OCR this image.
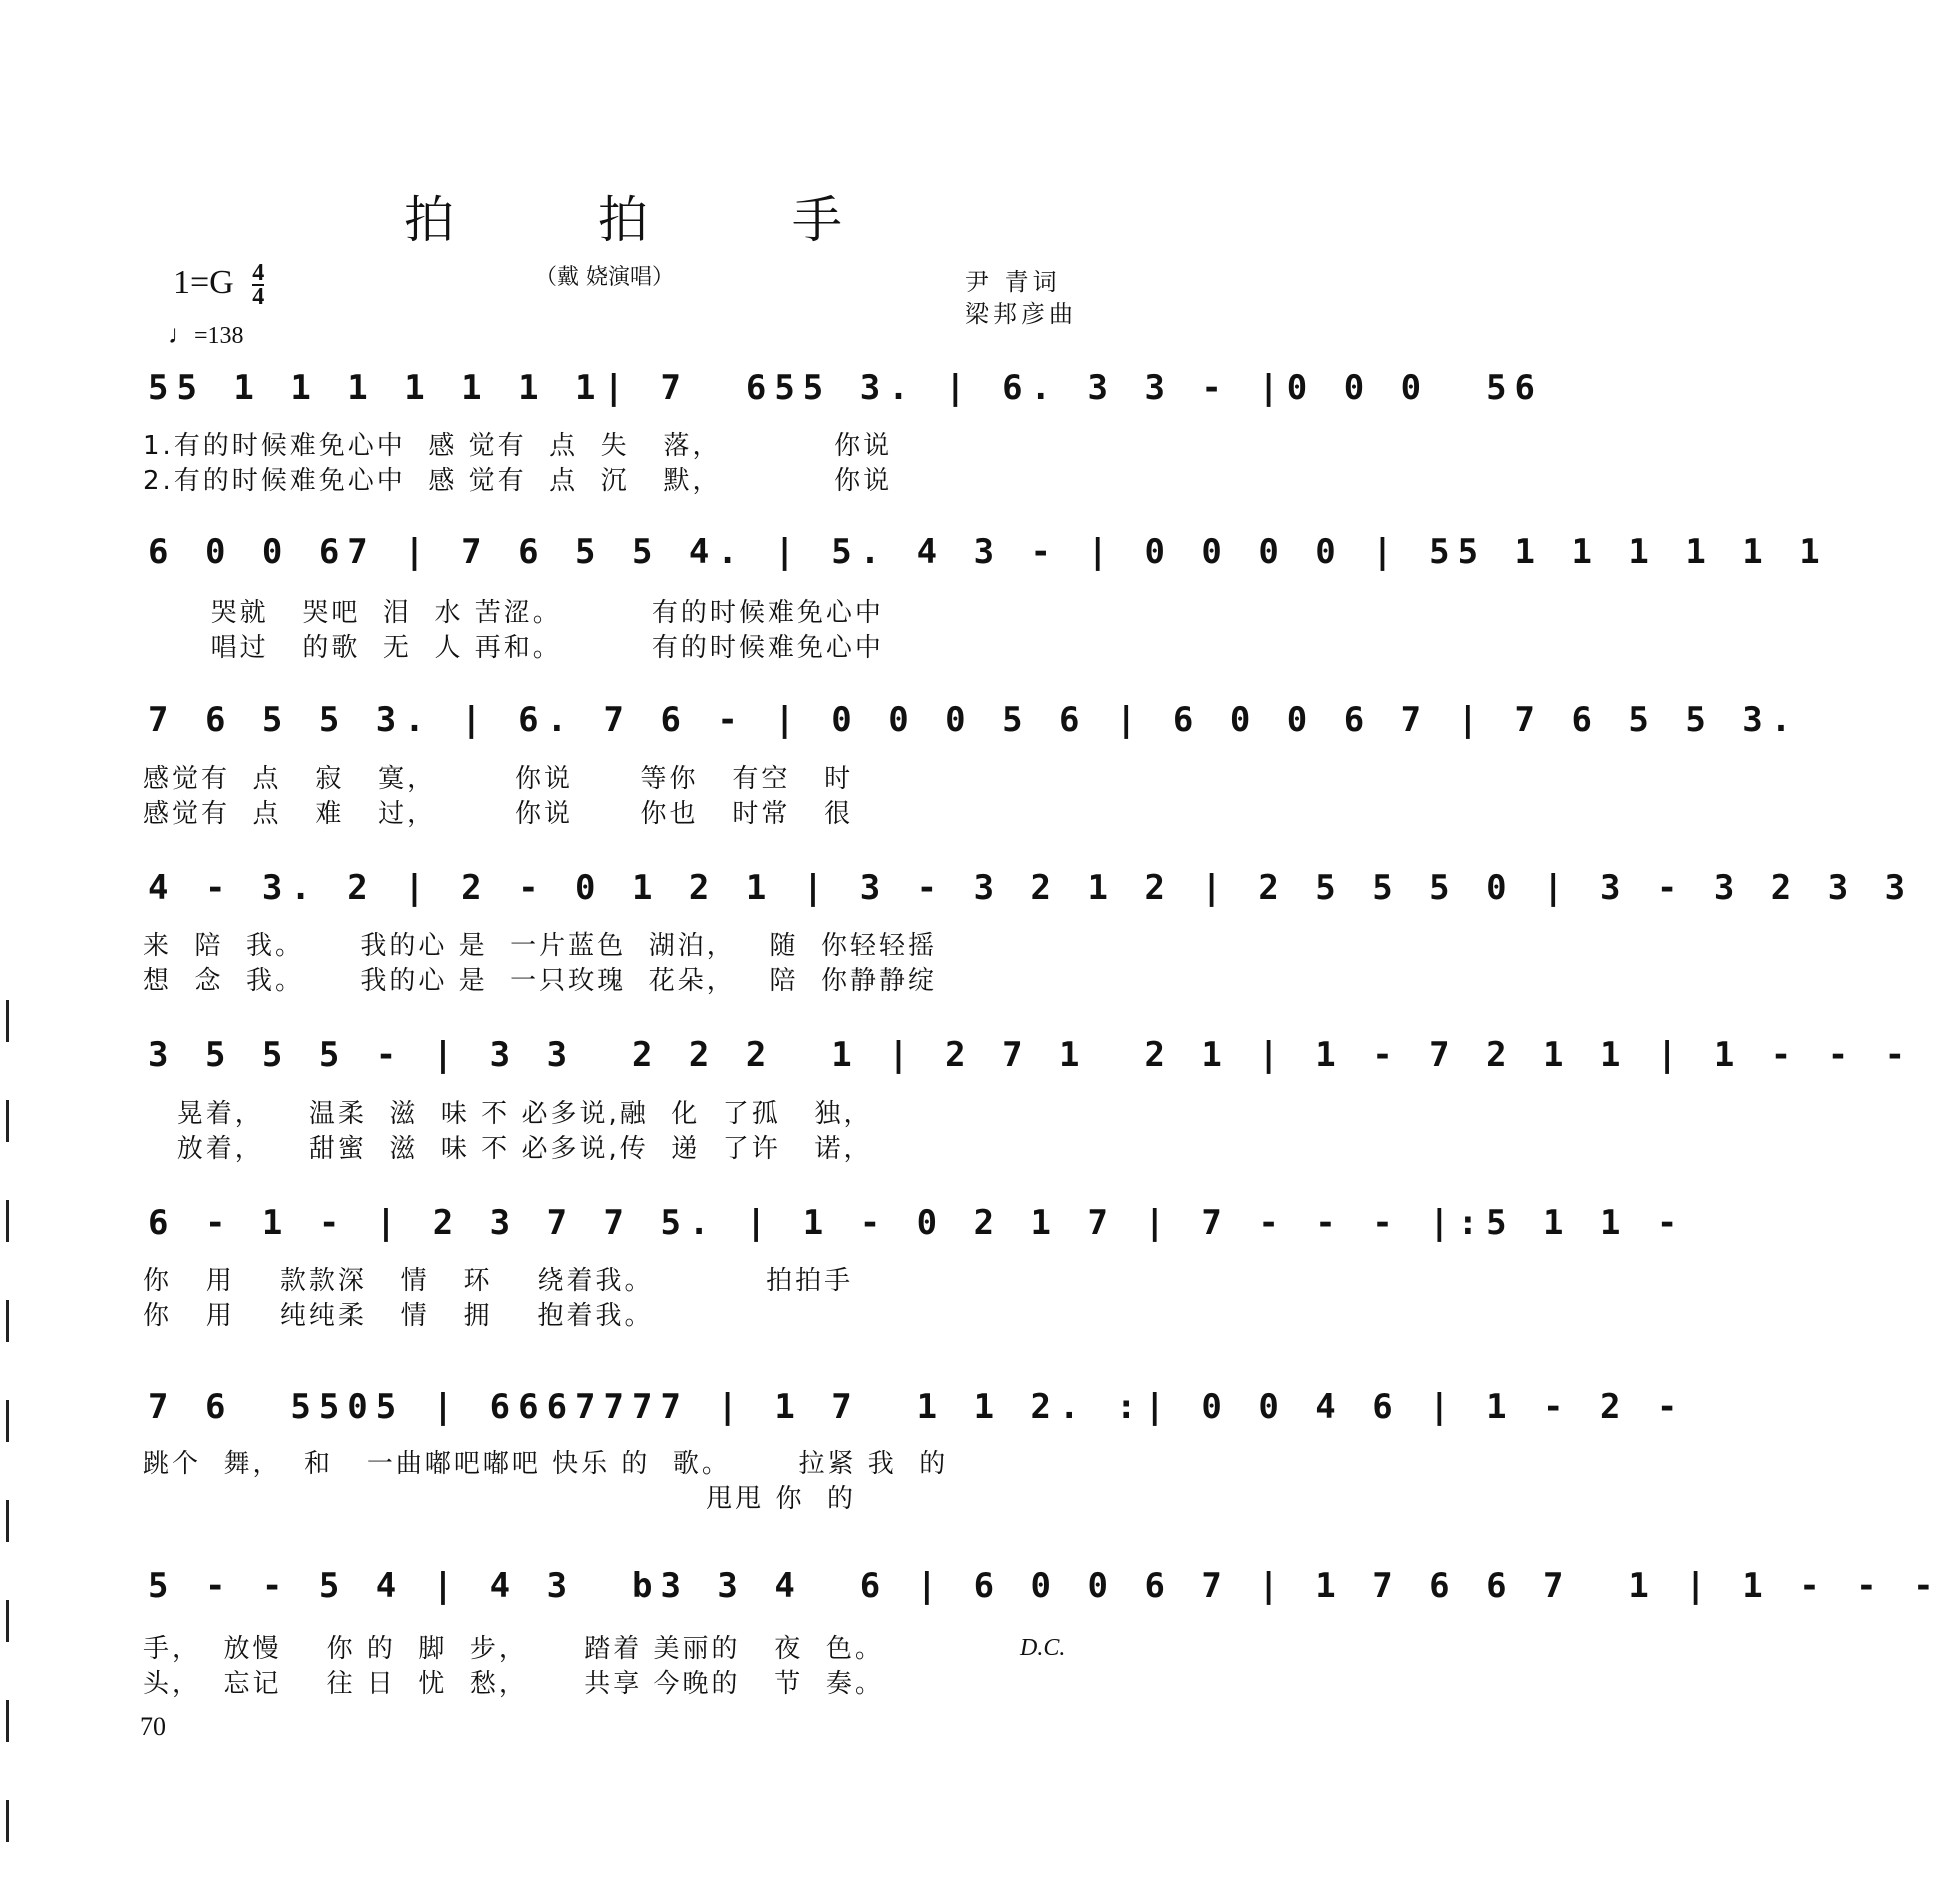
拍 拍 手
$1=G \frac{4}{4}$	（戴 娆演唱）	尹 青词
梁邦彦曲
♩=138
55 1 1 1 1 1 1 1| 7  655 3. | 6. 3 3 - |0 0 0  56
1.有的时候难免心中  感 觉有  点  失   落，          你说
2.有的时候难免心中  感 觉有  点  沉   默，          你说
6 0 0 67 | 7 6 5 5 4. | 5. 4 3 - | 0 0 0 0 | 55 1 1 1 1 1 1
哭就   哭吧  泪  水 苦涩。        有的时候难免心中
唱过   的歌  无  人 再和。        有的时候难免心中
7 6 5 5 3. | 6. 7 6 - | 0 0 0 5 6 | 6 0 0 6 7 | 7 6 5 5 3.
感觉有  点   寂   寞，       你说      等你   有空   时
感觉有  点   难   过，       你说      你也   时常   很
4 - 3. 2 | 2 - 0 1 2 1 | 3 - 3 2 1 2 | 2 5 5 5 0 | 3 - 3 2 3 3
来  陪  我。     我的心 是  一片蓝色  湖泊，   随  你轻轻摇
想  念  我。     我的心 是  一只玫瑰  花朵，   陪  你静静绽
3 5 5 5 - | 3 3  2 2 2  1 | 2 7 1  2 1 | 1 - 7 2 1 1 | 1 - - -
晃着，    温柔  滋  味 不 必多说,融  化  了孤   独，
放着，    甜蜜  滋  味 不 必多说,传  递  了许   诺，
6 - 1 - | 2 3 7 7 5. | 1 - 0 2 1 7 | 7 - - - |:5 1 1 -
你   用    款款深   情   环    绕着我。          拍拍手
你   用    纯纯柔   情   拥    抱着我。
7 6  5505 | 6667777 | 1 7  1 1 2. :| 0 0 4 6 | 1 - 2 -
跳个  舞，  和   一曲嘟吧嘟吧 快乐 的  歌。      拉紧 我  的
甩甩 你  的
5 - - 5 4 | 4 3  b3 3 4  6 | 6 0 0 6 7 | 1 7 6 6 7  1 | 1 - - -
手，  放慢    你 的  脚  步，     踏着 美丽的   夜  色。
头，  忘记    往 日  忧  愁，     共享 今晚的   节  奏。
D.C.
70
